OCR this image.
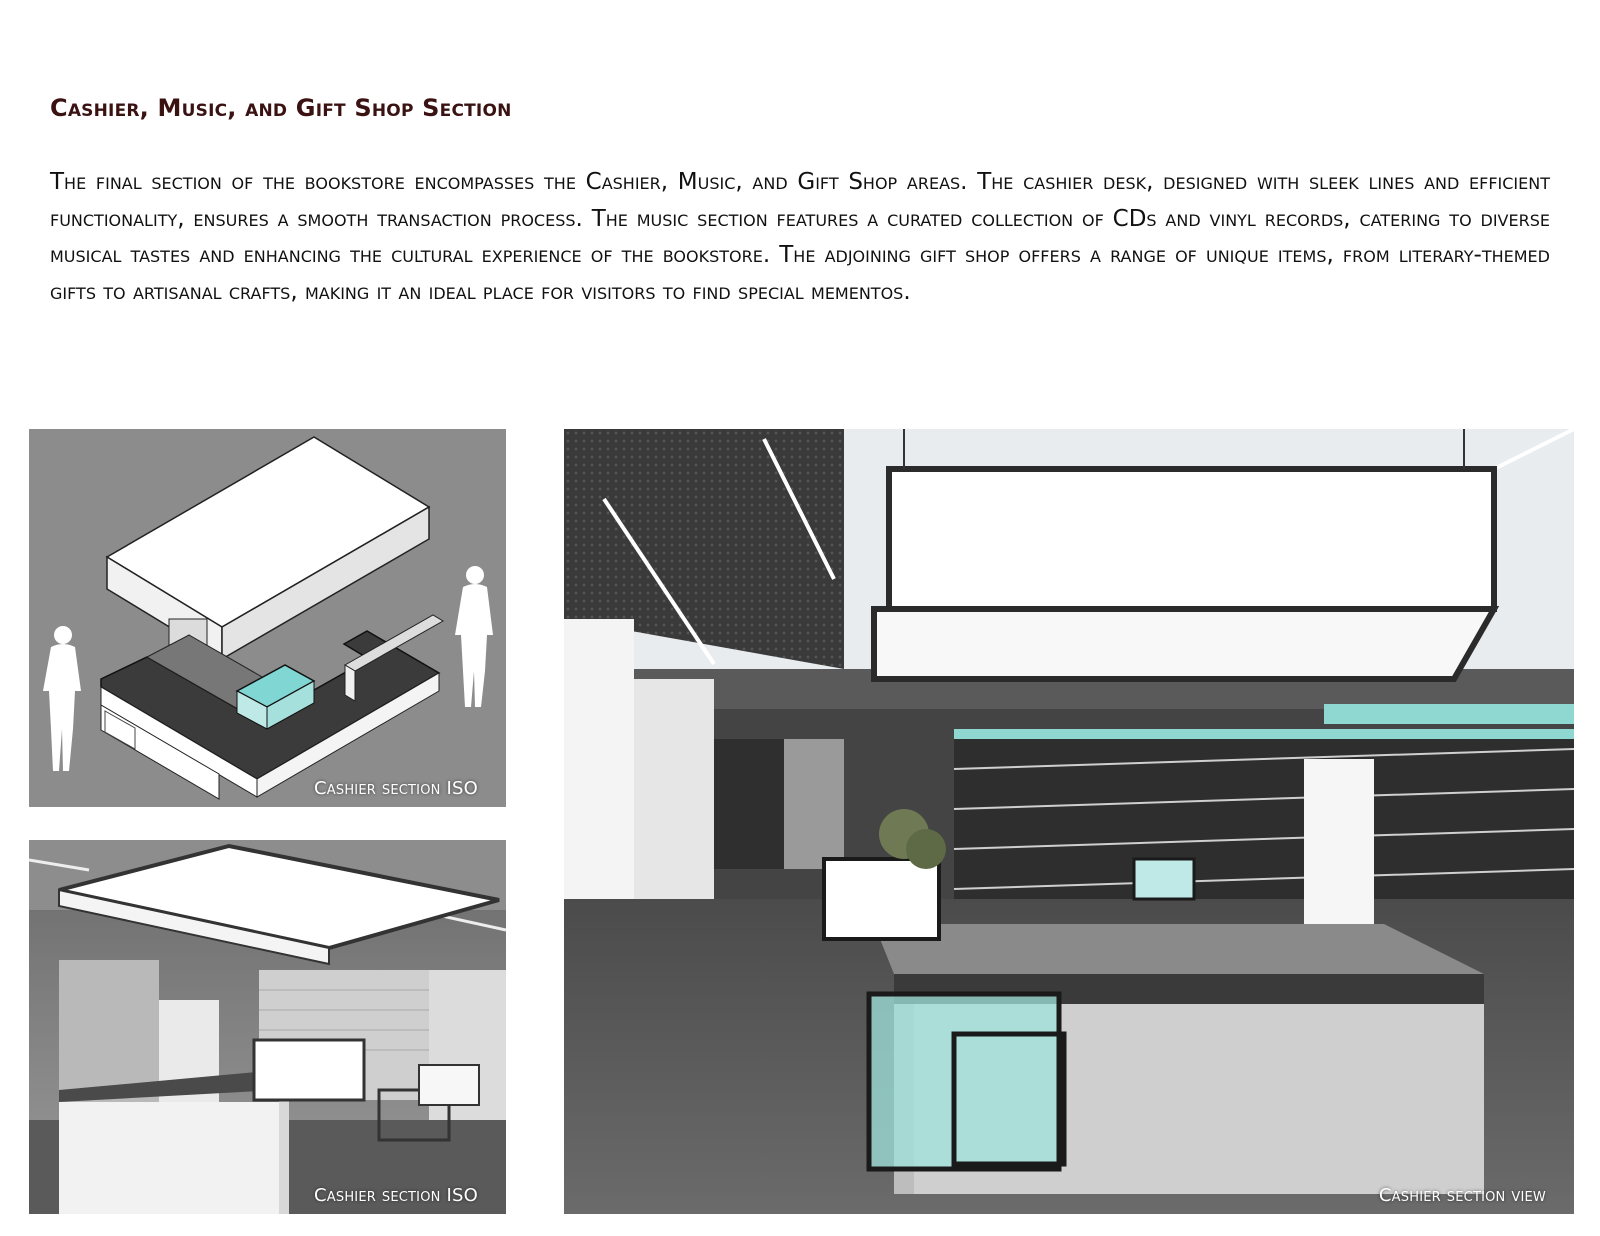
Cashier, Music, and Gift Shop Section

The final section of the bookstore encompasses the Cashier, Music, and Gift Shop areas. The cashier desk, designed with sleek lines and efficient functionality, ensures a smooth transaction process. The music section features a curated collection of CDs and vinyl records, catering to diverse musical tastes and enhancing the cultural experience of the bookstore. The adjoining gift shop offers a range of unique items, from literary-themed gifts to artisanal crafts, making it an ideal place for visitors to find special mementos.

Cashier section ISO
Cashier section ISO	Cashier section view
